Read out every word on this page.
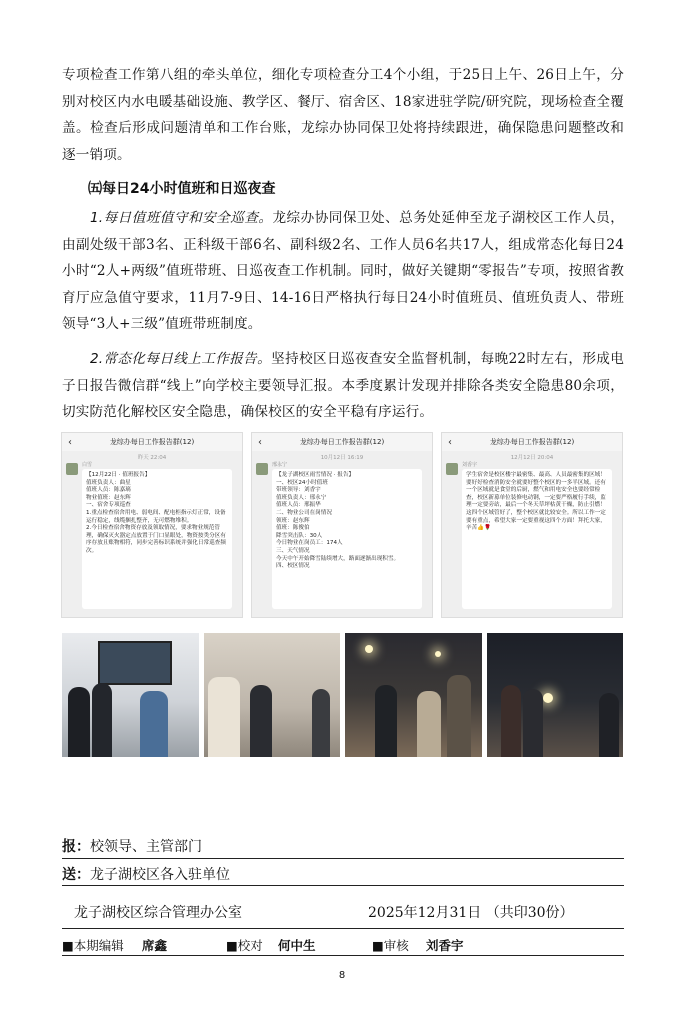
专项检查工作第八组的牵头单位，细化专项检查分工4个小组，于25日上午、26日上午，分别对校区内水电暖基础设施、教学区、餐厅、宿舍区、18家进驻学院/研究院，现场检查全覆盖。检查后形成问题清单和工作台账，龙综办协同保卫处将持续跟进，确保隐患问题整改和逐一销项。

㈤每日24小时值班和日巡夜查

1.每日值班值守和安全巡查。龙综办协同保卫处、总务处延伸至龙子湖校区工作人员，由副处级干部3名、正科级干部6名、副科级2名、工作人员6名共17人，组成常态化每日24小时“2人+两级”值班带班、日巡夜查工作机制。同时，做好关键期“零报告”专项，按照省教育厅应急值守要求，11月7-9日、14-16日严格执行每日24小时值班员、值班负责人、带班领导“3人+三级”值班带班制度。

2.常态化每日线上工作报告。坚持校区日巡夜查安全监督机制，每晚22时左右，形成电子日报告微信群“线上”向学校主要领导汇报。本季度累计发现并排除各类安全隐患80余项，切实防范化解校区安全隐患，确保校区的安全平稳有序运行。

‹	龙综办每日工作报告群(12)
昨天 22:04
白雪
【12月22日 · 值班报告】
值班负责人：曲星
值班人员：陈嘉璃
物业值班：赵东辉
一、宿舍专项巡查
1.重点检查宿舍用电、弱电间、配电柜指示灯正常，设备运行稳定，线缆捆扎整齐，无可燃物堆积。
2.今日检查宿舍物资存放及领取情况，要求物业规范管理，确保灭火器定点放置于门口显眼处，物资按类分区有序存放且账物相符，同步完善标识系统并强化日常巡查频次。
‹	龙综办每日工作报告群(12)
10月12日 16:19
邢永宁
【龙子湖校区雨雪情况 · 报告】
一、校区24小时值班
带班领导：刘香宇
值班负责人：邢永宁
值班人员：邢振华
二、物业公司在岗情况
领班：赵东辉
值班：陈俊伯
降雪突击队：30人
今日物业在岗员工：174人
三、天气情况
今天中午开始降雪陆续增大，路面逐渐出现积雪。
四、校区情况
‹	龙综办每日工作报告群(12)
12月12日 20:04
刘香宇
学生宿舍是校区楼宇最密集、最高、人员最密集的区域！要好好检查消防安全就要好整个校区的一多半区域。还有一个区域就是食堂的后厨，燃气和用电安全也要经常检查，校区新募单位装修电动钢，一定要严格履行手续，监理一定要旁站，最后一个冬天草坪枯黄干燥，防止引燃！这四个区域管好了，整个校区就比较安全。所以工作一定要有重点，希望大家一定要重视这四个方面！拜托大家，辛苦👍🌹
报：校领导、主管部门
送：龙子湖校区各入驻单位
龙子湖校区综合管理办公室	2025年12月31日 （共印30份）
■本期编辑 席鑫	■校对 何中生	■审核 刘香宇
8
